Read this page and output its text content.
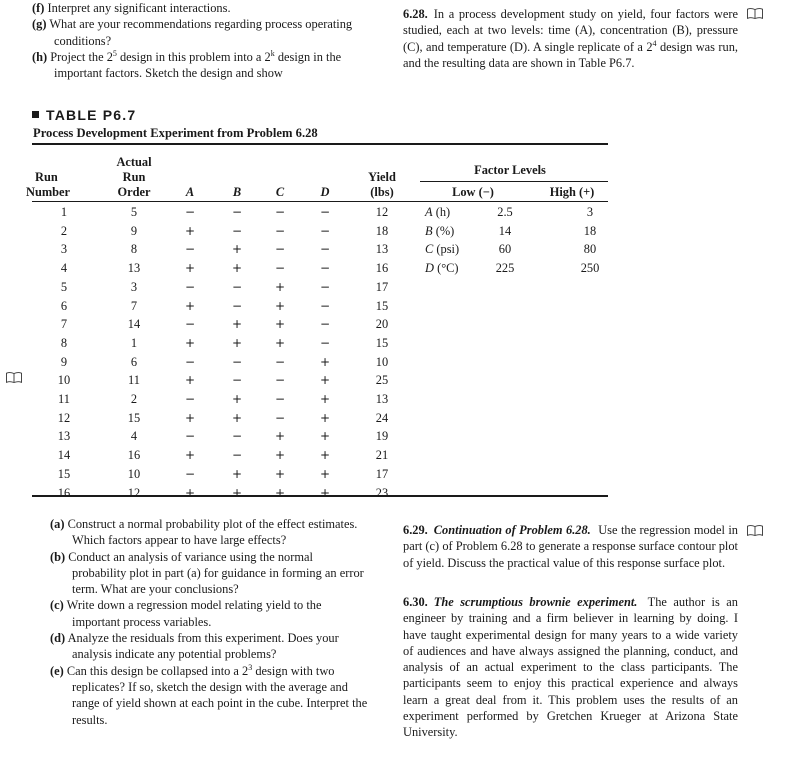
(f) Interpret any significant interactions.

(g) What are your recommendations regarding process operating conditions?

(h) Project the $2^5$ design in this problem into a 2$^k$ design in the important factors. Sketch the design and show

6.28. In a process development study on yield, four factors were studied, each at two levels: time (A), concentration (B), pressure (C), and temperature (D). A single replicate of a $2^4$ design was run, and the resulting data are shown in Table P6.7.

TABLE P6.7
Process Development Experiment from Problem 6.28
Run
Number
Actual
Run
Order	A	B	C	D
Yield
(lbs)
Factor Levels
Low (−)	High (+)
1	5	−	−	−	−	12
2	9	+	−	−	−	18
3	8	−	+	−	−	13
4	13	+	+	−	−	16
5	3	−	−	+	−	17
6	7	+	−	+	−	15
7	14	−	+	+	−	20
8	1	+	+	+	−	15
9	6	−	−	−	+	10
10	11	+	−	−	+	25
11	2	−	+	−	+	13
12	15	+	+	−	+	24
13	4	−	−	+	+	19
14	16	+	−	+	+	21
15	10	−	+	+	+	17
16	12	+	+	+	+	23
A (h)	2.5	3
B (%)	14	18
C (psi)	60	80
D (°C)	225	250

(a) Construct a normal probability plot of the effect estimates. Which factors appear to have large effects?

(b) Conduct an analysis of variance using the normal probability plot in part (a) for guidance in forming an error term. What are your conclusions?

(c) Write down a regression model relating yield to the important process variables.

(d) Analyze the residuals from this experiment. Does your analysis indicate any potential problems?

(e) Can this design be collapsed into a $2^3$ design with two replicates? If so, sketch the design with the average and range of yield shown at each point in the cube. Interpret the results.

6.29. Continuation of Problem 6.28. Use the regression model in part (c) of Problem 6.28 to generate a response surface contour plot of yield. Discuss the practical value of this response surface plot.

6.30. The scrumptious brownie experiment. The author is an engineer by training and a firm believer in learning by doing. I have taught experimental design for many years to a wide variety of audiences and have always assigned the planning, conduct, and analysis of an actual experiment to the class participants. The participants seem to enjoy this practical experience and always learn a great deal from it. This problem uses the results of an experiment performed by Gretchen Krueger at Arizona State University.
